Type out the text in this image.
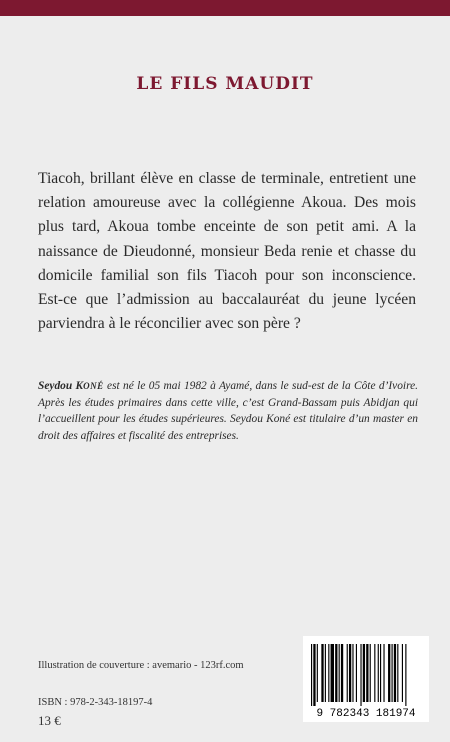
LE FILS MAUDIT

Tiacoh, brillant élève en classe de terminale, entretient une relation amoureuse avec la collégienne Akoua. Des mois plus tard, Akoua tombe enceinte de son petit ami. A la naissance de Dieudonné, monsieur Beda renie et chasse du domicile familial son fils Tiacoh pour son inconscience. Est-ce que l’admission au baccalauréat du jeune lycéen parviendra à le réconcilier avec son père ?

Seydou KONÉ est né le 05 mai 1982 à Ayamé, dans le sud-est de la Côte d’Ivoire. Après les études primaires dans cette ville, c’est Grand-Bassam puis Abidjan qui l’accueillent pour les études supérieures. Seydou Koné est titulaire d’un master en droit des affaires et fiscalité des entreprises.

Illustration de couverture : avemario - 123rf.com
ISBN : 978-2-343-18197-4
13 €	9 782343 181974
